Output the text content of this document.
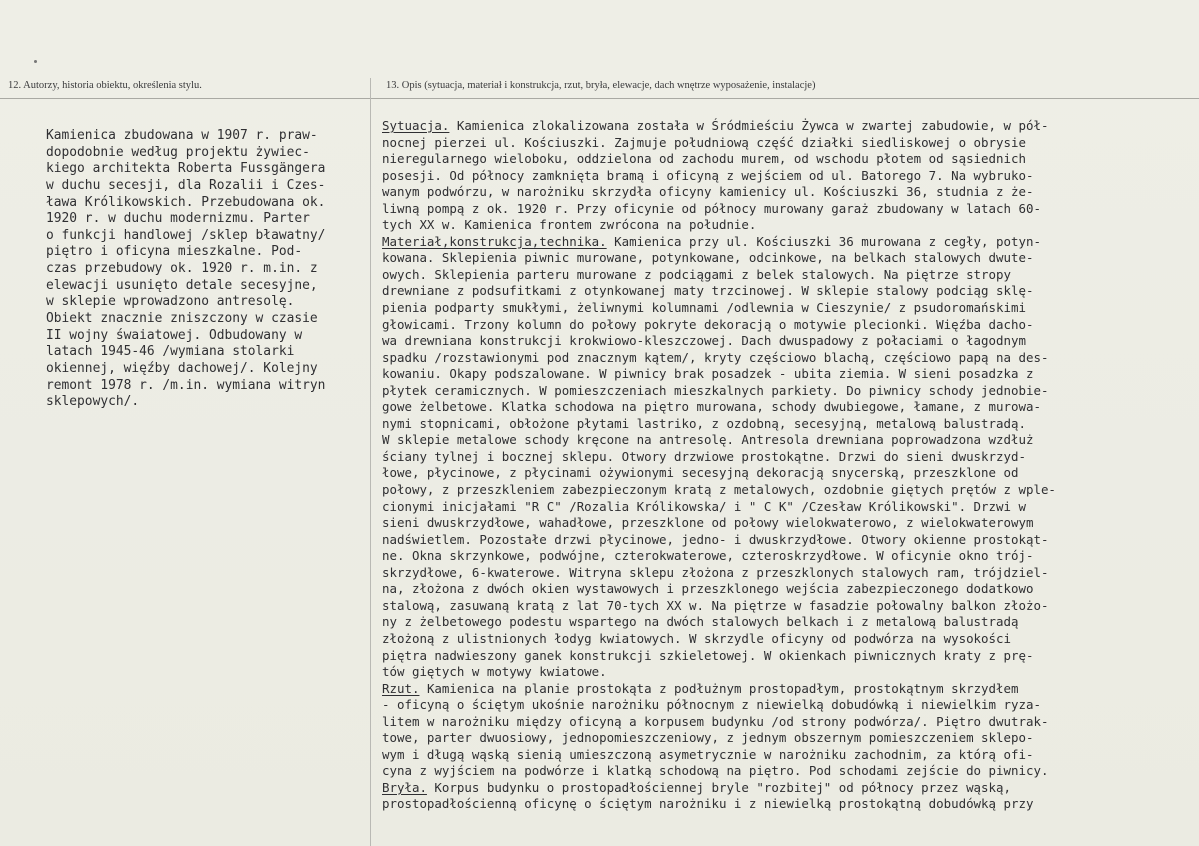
12. Autorzy, historia obiektu, określenia stylu.	13. Opis (sytuacja, materiał i konstrukcja, rzut, bryła, elewacje, dach wnętrze wyposażenie, instalacje)
Kamienica zbudowana w 1907 r. praw-
dopodobnie według projektu żywiec-
kiego architekta Roberta Fussgängera
w duchu secesji, dla Rozalii i Czes-
ława Królikowskich. Przebudowana ok.
1920 r. w duchu modernizmu. Parter
o funkcji handlowej /sklep bławatny/
piętro i oficyna mieszkalne. Pod-
czas przebudowy ok. 1920 r. m.in. z
elewacji usunięto detale secesyjne,
w sklepie wprowadzono antresolę.
Obiekt znacznie zniszczony w czasie
II wojny śwaiatowej. Odbudowany w
latach 1945-46 /wymiana stolarki
okiennej, więźby dachowej/. Kolejny
remont 1978 r. /m.in. wymiana witryn
sklepowych/.
Sytuacja. Kamienica zlokalizowana została w Śródmieściu Żywca w zwartej zabudowie, w pół-
nocnej pierzei ul. Kościuszki. Zajmuje południową część działki siedliskowej o obrysie
nieregularnego wieloboku, oddzielona od zachodu murem, od wschodu płotem od sąsiednich
posesji. Od północy zamknięta bramą i oficyną z wejściem od ul. Batorego 7. Na wybruko-
wanym podwórzu, w narożniku skrzydła oficyny kamienicy ul. Kościuszki 36, studnia z że-
liwną pompą z ok. 1920 r. Przy oficynie od północy murowany garaż zbudowany w latach 60-
tych XX w. Kamienica frontem zwrócona na południe.
Materiał,konstrukcja,technika. Kamienica przy ul. Kościuszki 36 murowana z cegły, potyn-
kowana. Sklepienia piwnic murowane, potynkowane, odcinkowe, na belkach stalowych dwute-
owych. Sklepienia parteru murowane z podciągami z belek stalowych. Na piętrze stropy
drewniane z podsufitkami z otynkowanej maty trzcinowej. W sklepie stalowy podciąg sklę-
pienia podparty smukłymi, żeliwnymi kolumnami /odlewnia w Cieszynie/ z psudoromańskimi
głowicami. Trzony kolumn do połowy pokryte dekoracją o motywie plecionki. Więźba dacho-
wa drewniana konstrukcji krokwiowo-kleszczowej. Dach dwuspadowy z połaciami o łagodnym
spadku /rozstawionymi pod znacznym kątem/, kryty częściowo blachą, częściowo papą na des-
kowaniu. Okapy podszalowane. W piwnicy brak posadzek - ubita ziemia. W sieni posadzka z
płytek ceramicznych. W pomieszczeniach mieszkalnych parkiety. Do piwnicy schody jednobie-
gowe żelbetowe. Klatka schodowa na piętro murowana, schody dwubiegowe, łamane, z murowa-
nymi stopnicami, obłożone płytami lastriko, z ozdobną, secesyjną, metalową balustradą.
W sklepie metalowe schody kręcone na antresolę. Antresola drewniana poprowadzona wzdłuż
ściany tylnej i bocznej sklepu. Otwory drzwiowe prostokątne. Drzwi do sieni dwuskrzyd-
łowe, płycinowe, z płycinami ożywionymi secesyjną dekoracją snycerską, przeszklone od
połowy, z przeszkleniem zabezpieczonym kratą z metalowych, ozdobnie giętych prętów z wple-
cionymi inicjałami "R C" /Rozalia Królikowska/ i " C K" /Czesław Królikowski". Drzwi w
sieni dwuskrzydłowe, wahadłowe, przeszklone od połowy wielokwaterowo, z wielokwaterowym
nadświetlem. Pozostałe drzwi płycinowe, jedno- i dwuskrzydłowe. Otwory okienne prostokąt-
ne. Okna skrzynkowe, podwójne, czterokwaterowe, czteroskrzydłowe. W oficynie okno trój-
skrzydłowe, 6-kwaterowe. Witryna sklepu złożona z przeszklonych stalowych ram, trójdziel-
na, złożona z dwóch okien wystawowych i przeszklonego wejścia zabezpieczonego dodatkowo
stalową, zasuwaną kratą z lat 70-tych XX w. Na piętrze w fasadzie połowalny balkon złożo-
ny z żelbetowego podestu wspartego na dwóch stalowych belkach i z metalową balustradą
złożoną z ulistnionych łodyg kwiatowych. W skrzydle oficyny od podwórza na wysokości
piętra nadwieszony ganek konstrukcji szkieletowej. W okienkach piwnicznych kraty z prę-
tów giętych w motywy kwiatowe.
Rzut. Kamienica na planie prostokąta z podłużnym prostopadłym, prostokątnym skrzydłem
- oficyną o ściętym ukośnie narożniku północnym z niewielką dobudówką i niewielkim ryza-
litem w narożniku między oficyną a korpusem budynku /od strony podwórza/. Piętro dwutrak-
towe, parter dwuosiowy, jednopomieszczeniowy, z jednym obszernym pomieszczeniem sklepo-
wym i długą wąską sienią umieszczoną asymetrycznie w narożniku zachodnim, za którą ofi-
cyna z wyjściem na podwórze i klatką schodową na piętro. Pod schodami zejście do piwnicy.
Bryła. Korpus budynku o prostopadłościennej bryle "rozbitej" od północy przez wąską,
prostopadłościenną oficynę o ściętym narożniku i z niewielką prostokątną dobudówką przy
